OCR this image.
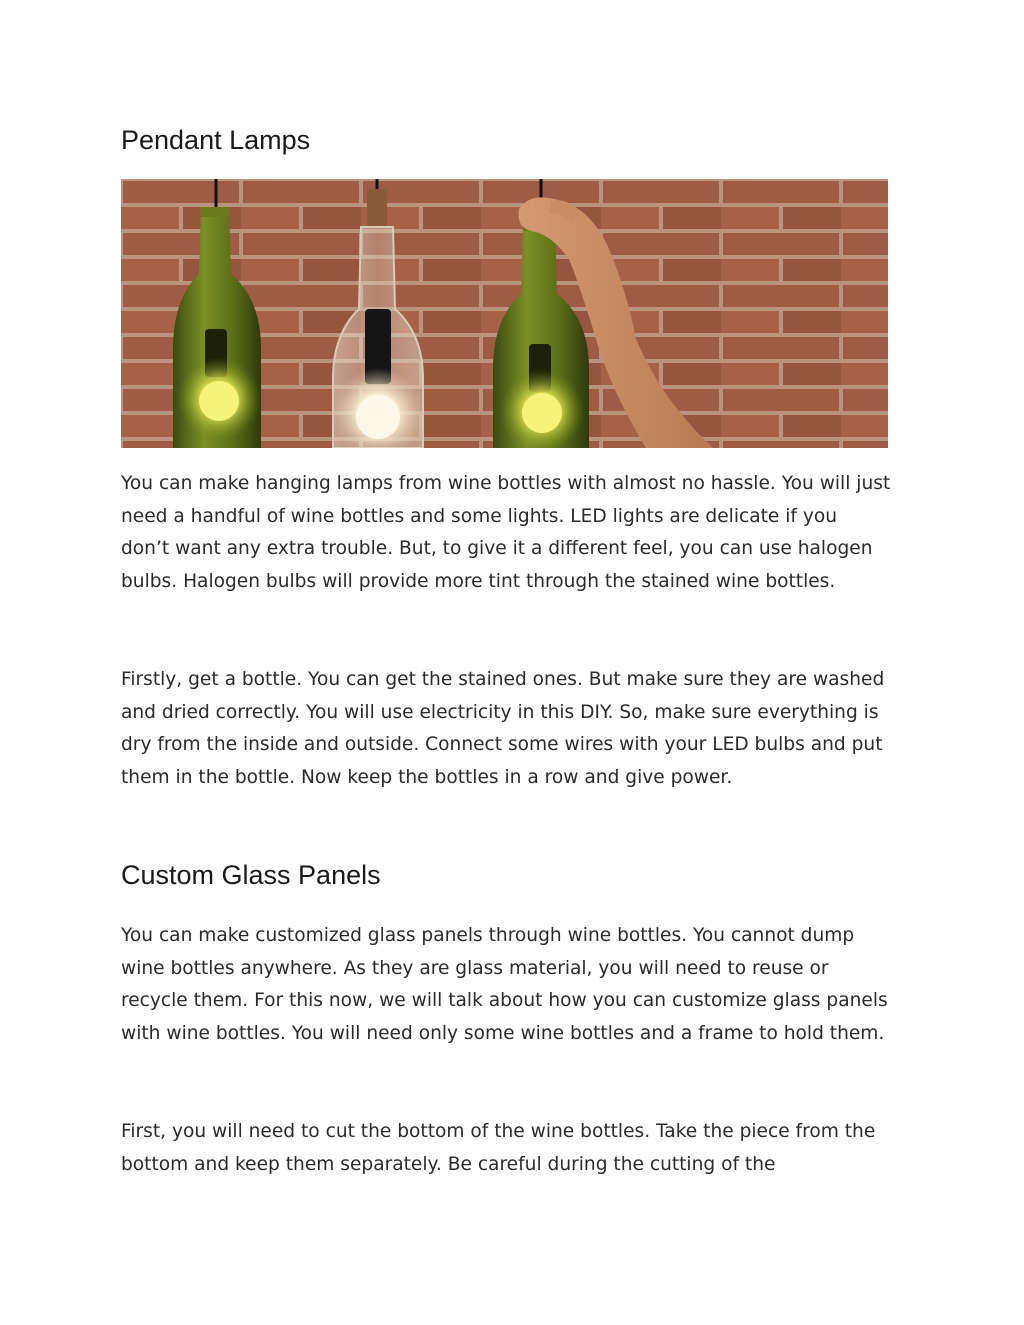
Pendant Lamps

You can make hanging lamps from wine bottles with almost no hassle. You will just need a handful of wine bottles and some lights. LED lights are delicate if you don’t want any extra trouble. But, to give it a different feel, you can use halogen bulbs. Halogen bulbs will provide more tint through the stained wine bottles.

Firstly, get a bottle. You can get the stained ones. But make sure they are washed and dried correctly. You will use electricity in this DIY. So, make sure everything is dry from the inside and outside. Connect some wires with your LED bulbs and put them in the bottle. Now keep the bottles in a row and give power.

Custom Glass Panels

You can make customized glass panels through wine bottles. You cannot dump wine bottles anywhere. As they are glass material, you will need to reuse or recycle them. For this now, we will talk about how you can customize glass panels with wine bottles. You will need only some wine bottles and a frame to hold them.

First, you will need to cut the bottom of the wine bottles. Take the piece from the bottom and keep them separately. Be careful during the cutting of the
